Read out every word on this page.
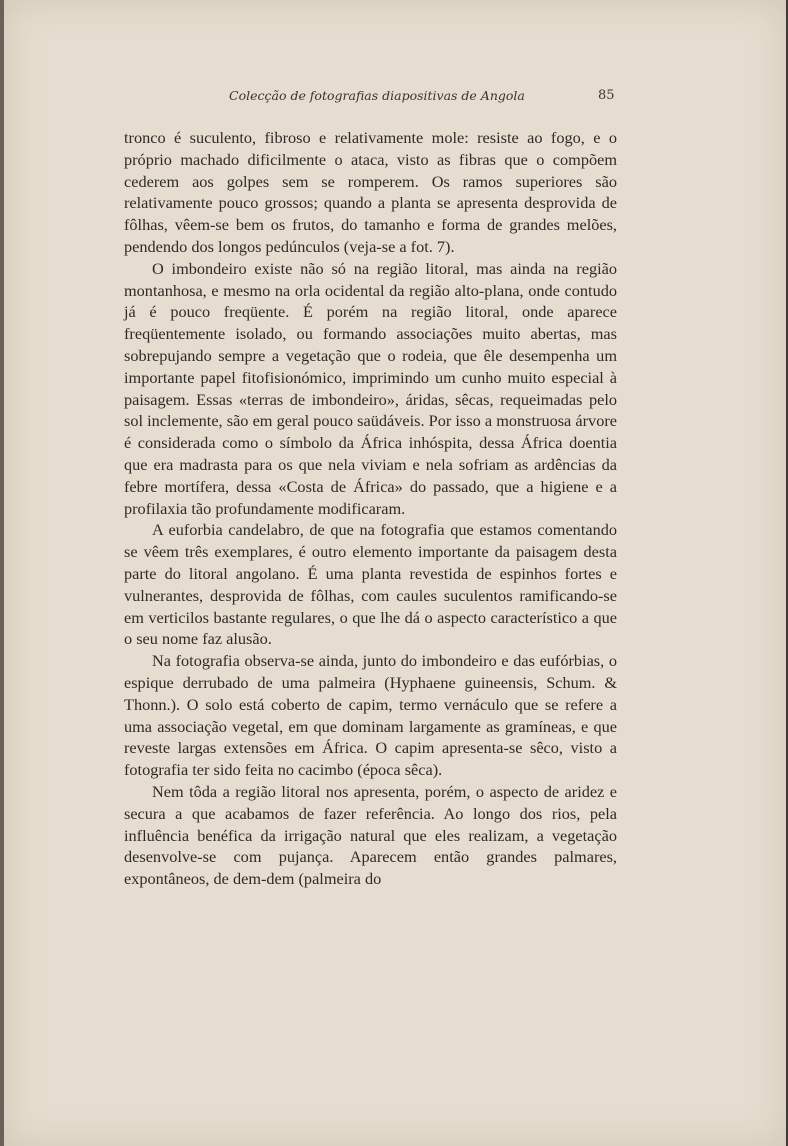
Colecção de fotografias diapositivas de Angola	85

tronco é suculento, fibroso e relativamente mole: resiste ao fogo, e o próprio machado dificilmente o ataca, visto as fibras que o compõem cederem aos golpes sem se romperem. Os ramos superiores são relativamente pouco grossos; quando a planta se apresenta desprovida de fôlhas, vêem-se bem os frutos, do tamanho e forma de grandes melões, pendendo dos longos pedúnculos (veja-se a fot. 7).

O imbondeiro existe não só na região litoral, mas ainda na região montanhosa, e mesmo na orla ocidental da região alto-plana, onde contudo já é pouco freqüente. É porém na região litoral, onde aparece freqüentemente isolado, ou formando associações muito abertas, mas sobrepujando sempre a vegetação que o rodeia, que êle desempenha um importante papel fitofisionómico, imprimindo um cunho muito especial à paisagem. Essas «terras de imbondeiro», áridas, sêcas, requeimadas pelo sol inclemente, são em geral pouco saüdáveis. Por isso a monstruosa árvore é considerada como o símbolo da África inhóspita, dessa África doentia que era madrasta para os que nela viviam e nela sofriam as ardências da febre mortífera, dessa «Costa de África» do passado, que a higiene e a profilaxia tão profundamente modificaram.

A euforbia candelabro, de que na fotografia que estamos comentando se vêem três exemplares, é outro elemento importante da paisagem desta parte do litoral angolano. É uma planta revestida de espinhos fortes e vulnerantes, desprovida de fôlhas, com caules suculentos ramificando-se em verticilos bastante regulares, o que lhe dá o aspecto característico a que o seu nome faz alusão.

Na fotografia observa-se ainda, junto do imbondeiro e das eufórbias, o espique derrubado de uma palmeira (Hyphaene guineensis, Schum. & Thonn.). O solo está coberto de capim, termo vernáculo que se refere a uma associação vegetal, em que dominam largamente as gramíneas, e que reveste largas extensões em África. O capim apresenta-se sêco, visto a fotografia ter sido feita no cacimbo (época sêca).

Nem tôda a região litoral nos apresenta, porém, o aspecto de aridez e secura a que acabamos de fazer referência. Ao longo dos rios, pela influência benéfica da irrigação natural que eles realizam, a vegetação desenvolve-se com pujança. Aparecem então grandes palmares, expontâneos, de dem-dem (palmeira do
